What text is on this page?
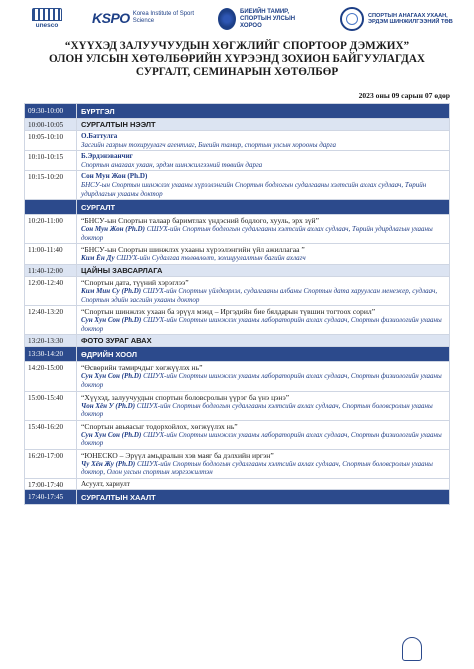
unesco KSPO Korea Institute of Sport Science
БИЕИЙН ТАМИР, СПОРТЫН УЛСЫН ХОРОО
СПОРТЫН АНАГААХ УХААН, ЭРДЭМ ШИНЖИЛГЭЭНИЙ ТӨВ
“ХҮҮХЭД ЗАЛУУЧУУДЫН ХӨГЖЛИЙГ СПОРТООР ДЭМЖИХ”
ОЛОН УЛСЫН ХӨТӨЛБӨРИЙН ХҮРЭЭНД ЗОХИОН БАЙГУУЛАГДАХ
СУРГАЛТ, СЕМИНАРЫН ХӨТӨЛБӨР
2023 оны 09 сарын 07 өдөр
09:30-10:00	БҮРТГЭЛ
10:00-10:05	СУРГАЛТЫН НЭЭЛТ
10:05-10:10	О.Баттулга
Засгийн газрын тохируулагч агентлаг, Биеийн тамир, спортын улсын хорооны дарга

10:10-10:15	Б.Эрдэнэванчиг
Спортын анагаах ухаан, эрдэм шинжилгээний төвийн дарга

10:15-10:20	Сон Мун Жон (Ph.D)
БНСУ-ын Спортын шинжлэх ухааны хүрээлэнгийн Спортын бодлогын судалгааны хэлтсийн ахлах судлаач, Төрийн удирдлагын ухааны доктор

	СУРГАЛТ
10:20-11:00	“БНСУ-ын Спортын талаар баримтлах үндэсний бодлого, хууль, эрх зүй”
Сон Мун Жон (Ph.D) СШУХ-ийн Спортын бодлогын судалгааны хэлтсийн ахлах судлаач, Төрийн удирдлагын ухааны доктор

11:00-11:40	“БНСУ-ын Спортын шинжлэх ухааны хүрээлэнгийн үйл ажиллагаа ”
Ким Ён Ду СШУХ-ийн Судалгаа төлөвлөлт, зохицуулалтын багийн ахлагч

11:40-12:00	ЦАЙНЫ ЗАВСАРЛАГА
12:00-12:40	“Спортын дата, түүний хэрэглээ”
Ким Мин Су (Ph.D) СШУХ-ийн Спортын үйлдвэрлэл, судалгааны албаны Спортын дата харуулсан менежер, судлаач, Спортын эдийн засгийн ухааны доктор

12:40-13:20	“Спортын шинжлэх ухаан ба эрүүл мэнд – Иргэдийн бие бялдарын түвшин тогтоох сорил”
Сун Хун Сон (Ph.D) СШУХ-ийн Спортын шинжлэх ухааны лабораторийн ахлах судлаач, Спортын физиологийн ухааны доктор

13:20-13:30	ФОТО ЗУРАГ АВАХ
13:30-14:20	ӨДРИЙН ХООЛ
14:20-15:00	“Өсвөрийн тамирчдыг хөгжүүлэх нь”
Сун Хун Сон (Ph.D) СШУХ-ийн Спортын шинжлэх ухааны лабораторийн ахлах судлаач, Спортын физиологийн ухааны доктор

15:00-15:40	“Хүүхэд, залуучуудын спортын боловсролын үүрэг ба үнэ цэнэ”
Чон Хён У (Ph.D) СШУХ-ийн Спортын бодлогын судалгааны хэлтсийн ахлах судлаач, Спортын боловсролын ухааны доктор

15:40-16:20	“Спортын авьяасыг тодорхойлох, хөгжүүлэх нь”
Сун Хун Сон (Ph.D) СШУХ-ийн Спортын шинжлэх ухааны лабораторийн ахлах судлаач, Спортын физиологийн ухааны доктор

16:20-17:00	“ЮНЕСКО – Эрүүл амьдралын хэв маяг ба дэлхийн иргэн”
Чу Хён Жу (Ph.D) СШУХ-ийн Спортын бодлогын судалгааны хэлтсийн ахлах судлаач, Спортын боловсролын ухааны доктор, Олон улсын спортын мэргэжилтэн

17:00-17:40	Асуулт, хариулт
17:40-17:45	СУРГАЛТЫН ХААЛТ
